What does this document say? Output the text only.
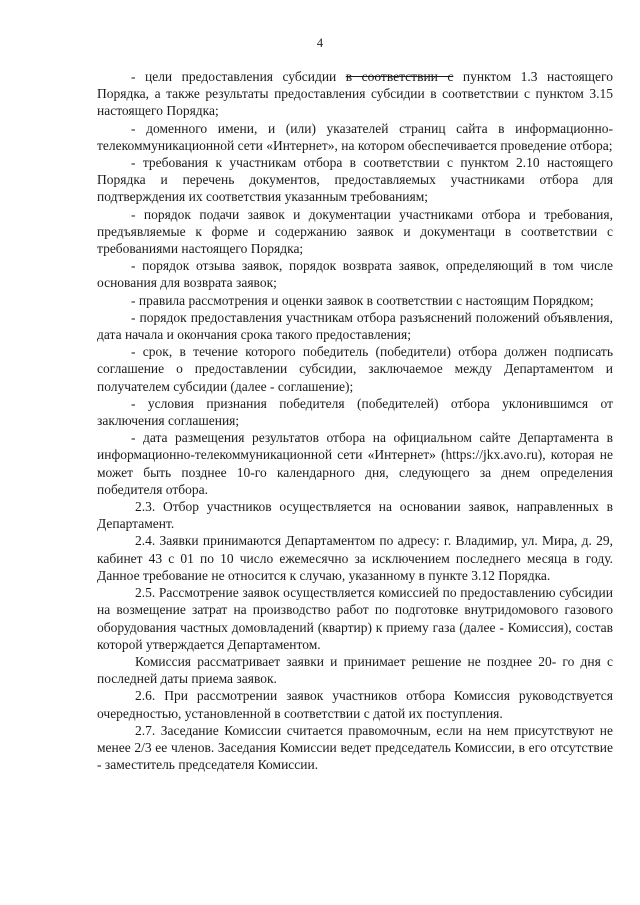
4

- цели предоставления субсидии в соответствии с пунктом 1.3 настоящего Порядка, а также результаты предоставления субсидии в соответствии с пунктом 3.15 настоящего Порядка;

- доменного имени, и (или) указателей страниц сайта в информационно-телекоммуникационной сети «Интернет», на котором обеспечивается проведение отбора;

- требования к участникам отбора в соответствии с пунктом 2.10 настоящего Порядка и перечень документов, предоставляемых участниками отбора для подтверждения их соответствия указанным требованиям;

- порядок подачи заявок и документации участниками отбора и требования, предъявляемые к форме и содержанию заявок и документаци в соответствии с требованиями настоящего Порядка;

- порядок отзыва заявок, порядок возврата заявок, определяющий в том числе основания для возврата заявок;

- правила рассмотрения и оценки заявок в соответствии с настоящим Порядком;

- порядок предоставления участникам отбора разъяснений положений объявления, дата начала и окончания срока такого предоставления;

- срок, в течение которого победитель (победители) отбора должен подписать соглашение о предоставлении субсидии, заключаемое между Департаментом и получателем субсидии (далее - соглашение);

- условия признания победителя (победителей) отбора уклонившимся от заключения соглашения;

- дата размещения результатов отбора на официальном сайте Департамента в информационно-телекоммуникационной сети «Интернет» (https://jkx.avo.ru), которая не может быть позднее 10-го календарного дня, следующего за днем определения победителя отбора.

2.3. Отбор участников осуществляется на основании заявок, направленных в Департамент.

2.4. Заявки принимаются Департаментом по адресу: г. Владимир, ул. Мира, д. 29, кабинет 43 с 01 по 10 число ежемесячно за исключением последнего месяца в году. Данное требование не относится к случаю, указанному в пункте 3.12 Порядка.

2.5. Рассмотрение заявок осуществляется комиссией по предоставлению субсидии на возмещение затрат на производство работ по подготовке внутридомового газового оборудования частных домовладений (квартир) к приему газа (далее - Комиссия), состав которой утверждается Департаментом.

Комиссия рассматривает заявки и принимает решение не позднее 20- го дня с последней даты приема заявок.

2.6. При рассмотрении заявок участников отбора Комиссия руководствуется очередностью, установленной в соответствии с датой их поступления.

2.7. Заседание Комиссии считается правомочным, если на нем присутствуют не менее 2/3 ее членов. Заседания Комиссии ведет председатель Комиссии, в его отсутствие - заместитель председателя Комиссии.
